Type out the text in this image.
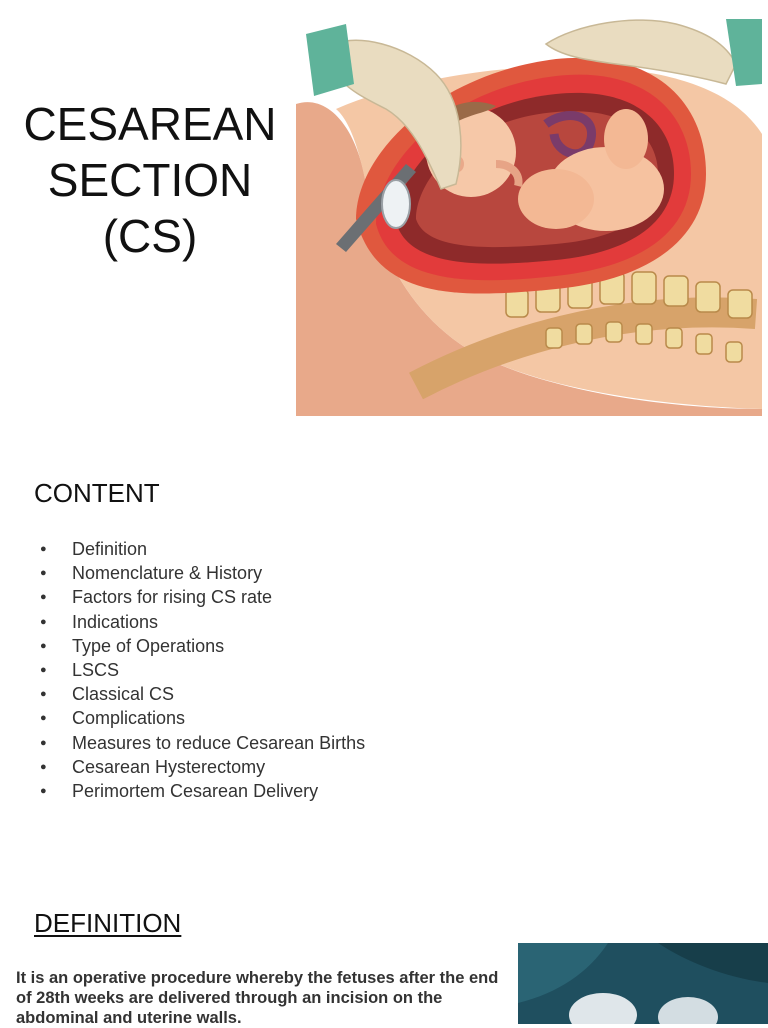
CESAREAN
SECTION
(CS)
CONTENT
● Definition
● Nomenclature & History
● Factors for rising CS rate
● Indications
● Type of Operations
● LSCS
● Classical CS
● Complications
● Measures to reduce Cesarean Births
● Cesarean Hysterectomy
● Perimortem Cesarean Delivery
DEFINITION
It is an operative procedure whereby the fetuses after the end of 28th weeks are delivered through an incision on the abdominal and uterine walls.
